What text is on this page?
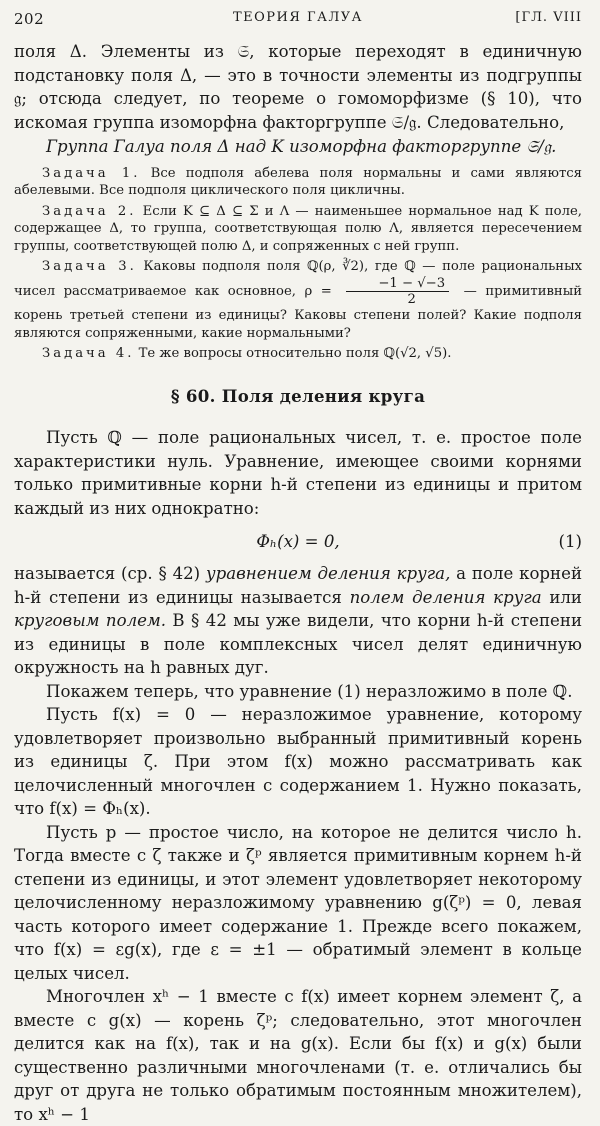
202	ТЕОРИЯ ГАЛУА	[ГЛ. VIII

поля Δ. Элементы из 𝔖, которые переходят в единичную подстановку поля Δ, — это в точности элементы из подгруппы 𝔤; отсюда следует, по теореме о гомоморфизме (§ 10), что искомая группа изоморфна факторгруппе 𝔖/𝔤. Следовательно,

Группа Галуа поля Δ над K изоморфна факторгруппе 𝔖/𝔤.

Задача 1. Все подполя абелева поля нормальны и сами являются абелевыми. Все подполя циклического поля цикличны.

Задача 2. Если K ⊆ Δ ⊆ Σ и Λ — наименьшее нормальное над K поле, содержащее Δ, то группа, соответствующая полю Λ, является пересечением группы, соответствующей полю Δ, и сопряженных с ней групп.

Задача 3. Каковы подполя поля ℚ(ρ, ∛2), где ℚ — поле рациональных чисел рассматриваемое как основное, $\rho = \frac{-1 - √-3}{2}$ — примитивный корень третьей степени из единицы? Каковы степени полей? Какие подполя являются сопряженными, какие нормальными?

Задача 4. Те же вопросы относительно поля ℚ(√2, √5).

§ 60. Поля деления круга

Пусть ℚ — поле рациональных чисел, т. е. простое поле характеристики нуль. Уравнение, имеющее своими корнями только примитивные корни h-й степени из единицы и притом каждый из них однократно:

Φₕ(x) = 0,	(1)

называется (ср. § 42) уравнением деления круга, а поле корней h-й степени из единицы называется полем деления круга или круговым полем. В § 42 мы уже видели, что корни h-й степени из единицы в поле комплексных чисел делят единичную окружность на h равных дуг.

Покажем теперь, что уравнение (1) неразложимо в поле ℚ.

Пусть f(x) = 0 — неразложимое уравнение, которому удовлетворяет произвольно выбранный примитивный корень из единицы ζ. При этом f(x) можно рассматривать как целочисленный многочлен с содержанием 1. Нужно показать, что f(x) = Φₕ(x).

Пусть p — простое число, на которое не делится число h. Тогда вместе с ζ также и ζᵖ является примитивным корнем h-й степени из единицы, и этот элемент удовлетворяет некоторому целочисленному неразложимому уравнению g(ζᵖ) = 0, левая часть которого имеет содержание 1. Прежде всего покажем, что f(x) = εg(x), где ε = ±1 — обратимый элемент в кольце целых чисел.

Многочлен xʰ − 1 вместе с f(x) имеет корнем элемент ζ, а вместе с g(x) — корень ζᵖ; следовательно, этот многочлен делится как на f(x), так и на g(x). Если бы f(x) и g(x) были существенно различными многочленами (т. е. отличались бы друг от друга не только обратимым постоянным множителем), то xʰ − 1
